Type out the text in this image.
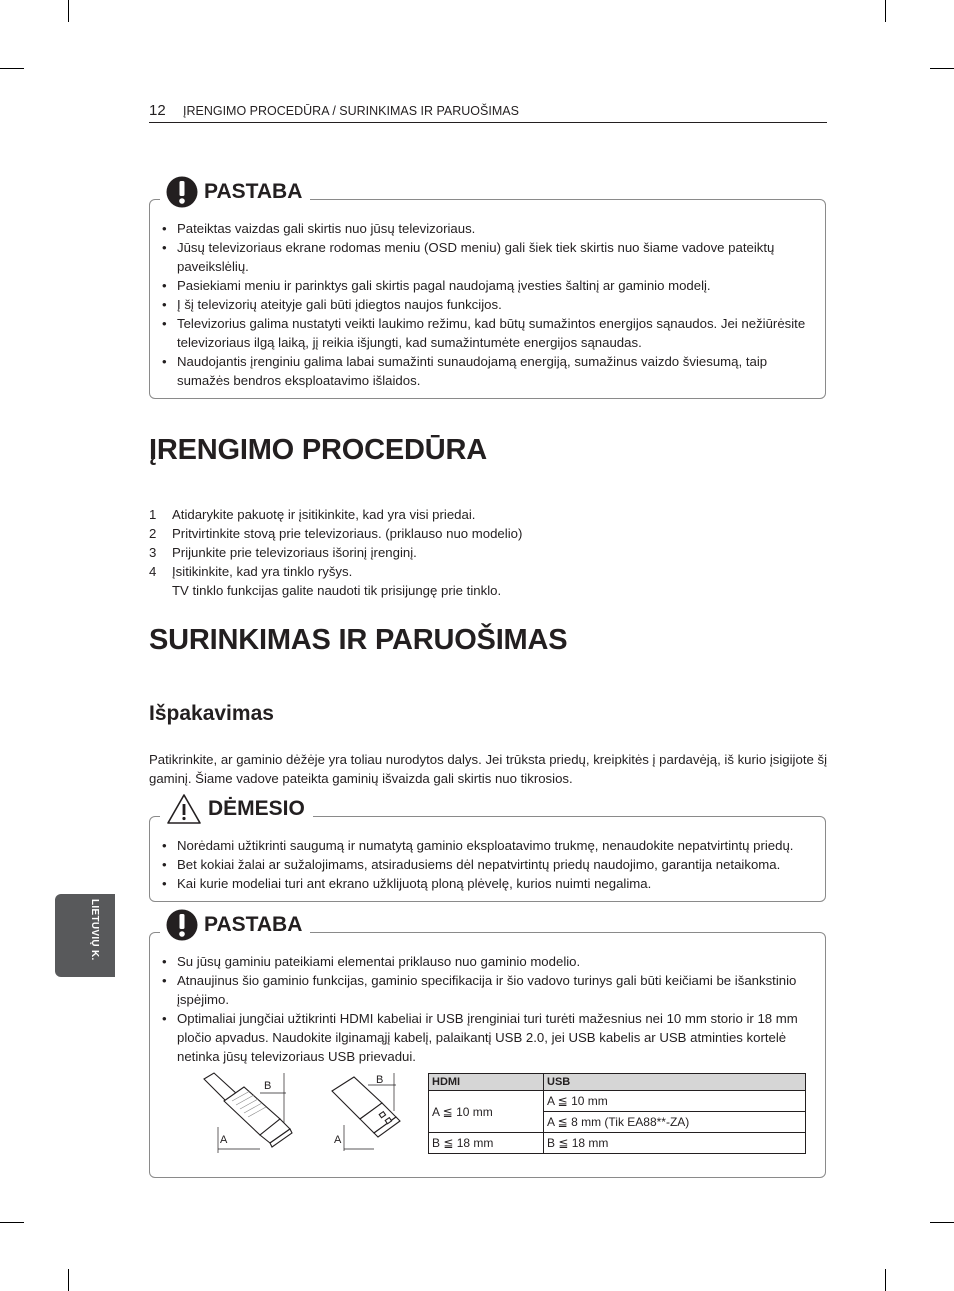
12 ĮRENGIMO PROCEDŪRA / SURINKIMAS IR PARUOŠIMAS
PASTABA
• Pateiktas vaizdas gali skirtis nuo jūsų televizoriaus.
• Jūsų televizoriaus ekrane rodomas meniu (OSD meniu) gali šiek tiek skirtis nuo šiame vadove pateiktų paveikslėlių.
• Pasiekiami meniu ir parinktys gali skirtis pagal naudojamą įvesties šaltinį ar gaminio modelį.
• Į šį televizorių ateityje gali būti įdiegtos naujos funkcijos.
• Televizorius galima nustatyti veikti laukimo režimu, kad būtų sumažintos energijos sąnaudos. Jei nežiūrėsite televizoriaus ilgą laiką, jį reikia išjungti, kad sumažintumėte energijos sąnaudas.
• Naudojantis įrenginiu galima labai sumažinti sunaudojamą energiją, sumažinus vaizdo šviesumą, taip sumažės bendros eksploatavimo išlaidos.
ĮRENGIMO PROCEDŪRA
1	Atidarykite pakuotę ir įsitikinkite, kad yra visi priedai.
2	Pritvirtinkite stovą prie televizoriaus. (priklauso nuo modelio)
3	Prijunkite prie televizoriaus išorinį įrenginį.
4	Įsitikinkite, kad yra tinklo ryšys.
TV tinklo funkcijas galite naudoti tik prisijungę prie tinklo.
SURINKIMAS IR PARUOŠIMAS
Išpakavimas
Patikrinkite, ar gaminio dėžėje yra toliau nurodytos dalys. Jei trūksta priedų, kreipkitės į pardavėją, iš kurio įsigijote šį gaminį. Šiame vadove pateikta gaminių išvaizda gali skirtis nuo tikrosios.
DĖMESIO
• Norėdami užtikrinti saugumą ir numatytą gaminio eksploatavimo trukmę, nenaudokite nepatvirtintų priedų.
• Bet kokiai žalai ar sužalojimams, atsiradusiems dėl nepatvirtintų priedų naudojimo, garantija netaikoma.
• Kai kurie modeliai turi ant ekrano užklijuotą ploną plėvelę, kurios nuimti negalima.
LIETUVIŲ K.	PASTABA
• Su jūsų gaminiu pateikiami elementai priklauso nuo gaminio modelio.
• Atnaujinus šio gaminio funkcijas, gaminio specifikacija ir šio vadovo turinys gali būti keičiami be išankstinio įspėjimo.
• Optimaliai jungčiai užtikrinti HDMI kabeliai ir USB įrenginiai turi turėti mažesnius nei 10 mm storio ir 18 mm pločio apvadus. Naudokite ilginamąjį kabelį, palaikantį USB 2.0, jei USB kabelis ar USB atminties kortelė netinka jūsų televizoriaus USB prievadui.
B
A
B
A
HDMI	USB
A ≦ 10 mm	A ≦ 10 mm
	A ≦ 8 mm (Tik EA88**-ZA)
B ≦ 18 mm	B ≦ 18 mm
